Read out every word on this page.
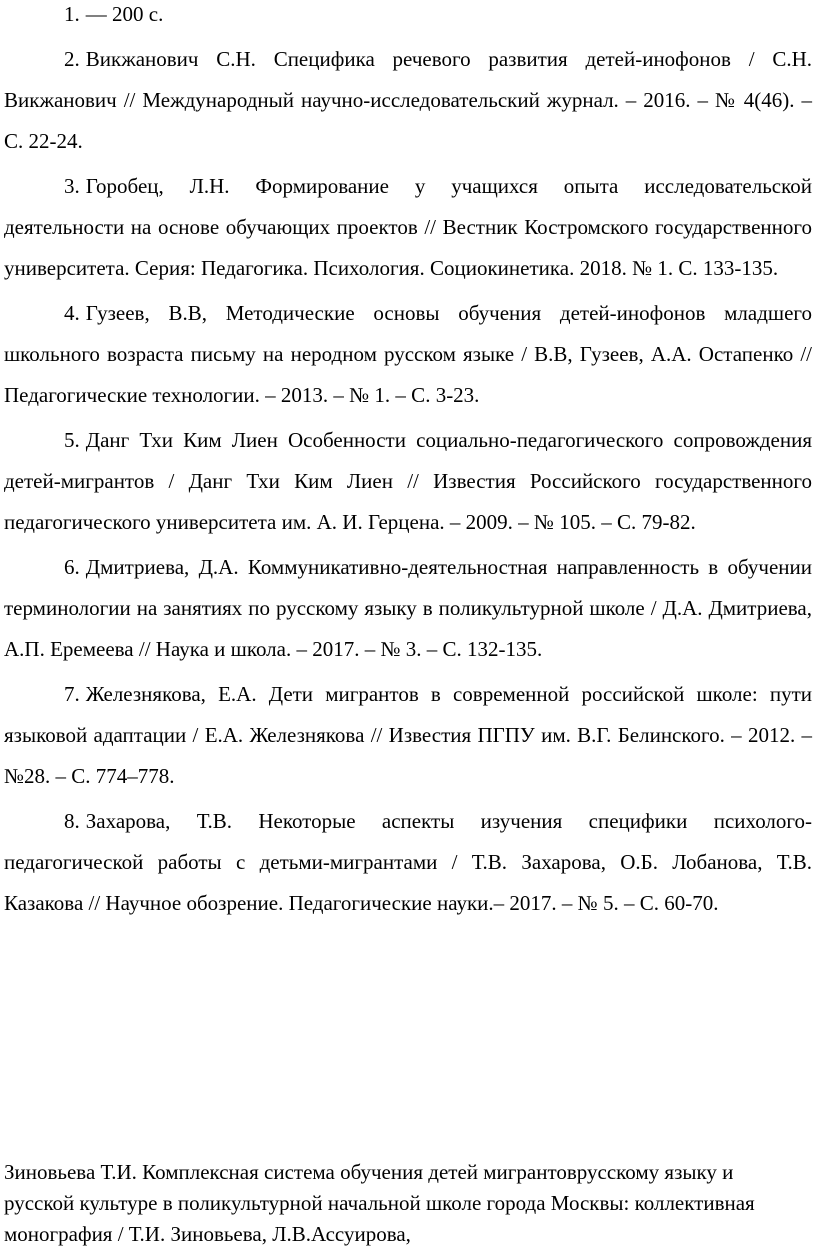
1. — 200 с.
2. Викжанович С.Н. Специфика речевого развития детей-инофонов / С.Н. Викжанович // Международный научно-исследовательский журнал. – 2016. – № 4(46). – С. 22-24.
3. Горобец, Л.Н. Формирование у учащихся опыта исследовательской деятельности на основе обучающих проектов // Вестник Костромского государственного университета. Серия: Педагогика. Психология. Социокинетика. 2018. № 1. С. 133-135.
4. Гузеев, В.В, Методические основы обучения детей-инофонов младшего школьного возраста письму на неродном русском языке / В.В, Гузеев, А.А. Остапенко // Педагогические технологии. – 2013. – № 1. – С. 3-23.
5. Данг Тхи Ким Лиен Особенности социально-педагогического сопровождения детей-мигрантов / Данг Тхи Ким Лиен // Известия Российского государственного педагогического университета им. А. И. Герцена. – 2009. – № 105. – С. 79-82.
6. Дмитриева, Д.А. Коммуникативно-деятельностная направленность в обучении терминологии на занятиях по русскому языку в поликультурной школе / Д.А. Дмитриева, А.П. Еремеева // Наука и школа. – 2017. – № 3. – С. 132-135.
7. Железнякова, Е.А. Дети мигрантов в современной российской школе: пути языковой адаптации / Е.А. Железнякова // Известия ПГПУ им. В.Г. Белинского. – 2012. – №28. – С. 774–778.
8. Захарова, Т.В. Некоторые аспекты изучения специфики психолого-педагогической работы с детьми-мигрантами / Т.В. Захарова, О.Б. Лобанова, Т.В. Казакова // Научное обозрение. Педагогические науки.– 2017. – № 5. – С. 60-70.

Зиновьева Т.И. Комплексная система обучения детей мигрантоврусскому языку и русской культуре в поликультурной начальной школе города Москвы: коллективная монография / Т.И. Зиновьева, Л.В.Ассуирова,
